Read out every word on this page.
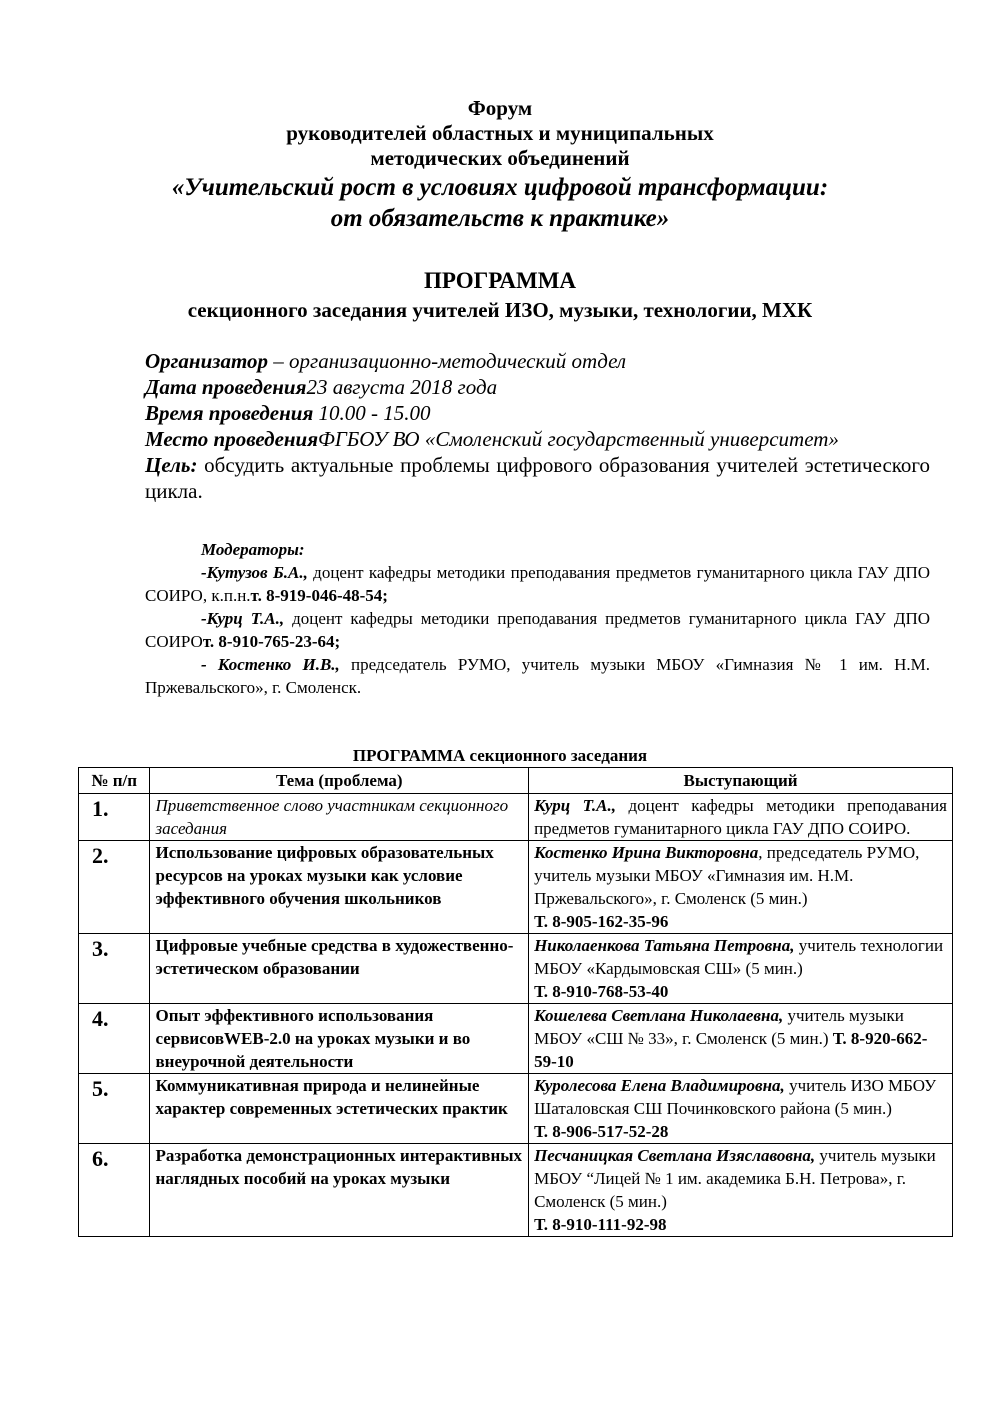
Форум
руководителей областных и муниципальных
методических объединений
«Учительский рост в условиях цифровой трансформации:
от обязательств к практике»
ПРОГРАММА
секционного заседания учителей ИЗО, музыки, технологии, МХК
Организатор – организационно-методический отдел
Дата проведения23 августа 2018 года
Время проведения 10.00 - 15.00
Место проведенияФГБОУ ВО «Смоленский государственный университет»
Цель: обсудить актуальные проблемы цифрового образования учителей эстетического цикла.
Модераторы:

-Кутузов Б.А., доцент кафедры методики преподавания предметов гуманитарного цикла ГАУ ДПО СОИРО, к.п.н.т. 8-919-046-48-54;

-Курц Т.А., доцент кафедры методики преподавания предметов гуманитарного цикла ГАУ ДПО СОИРОт. 8-910-765-23-64;

- Костенко И.В., председатель РУМО, учитель музыки МБОУ «Гимназия № 1 им. Н.М. Пржевальского», г. Смоленск.

ПРОГРАММА секционного заседания
№ п/п	Тема (проблема)	Выступающий
1.	Приветственное слово участникам секционного заседания	Курц Т.А., доцент кафедры методики преподавания предметов гуманитарного цикла ГАУ ДПО СОИРО.
2.	Использование цифровых образовательных ресурсов на уроках музыки как условие эффективного обучения школьников	Костенко Ирина Викторовна, председатель РУМО, учитель музыки МБОУ «Гимназия им. Н.М. Пржевальского», г. Смоленск (5 мин.)
Т. 8-905-162-35-96
3.	Цифровые учебные средства в художественно-эстетическом образовании	Николаенкова Татьяна Петровна, учитель технологии МБОУ «Кардымовская СШ» (5 мин.)
Т. 8-910-768-53-40
4.	Опыт эффективного использования сервисовWEB-2.0 на уроках музыки и во внеурочной деятельности	Кошелева Светлана Николаевна, учитель музыки МБОУ «СШ № 33», г. Смоленск (5 мин.) Т. 8-920-662-59-10
5.	Коммуникативная природа и нелинейные характер современных эстетических практик	Куролесова Елена Владимировна, учитель ИЗО МБОУ Шаталовская СШ Починковского района (5 мин.)
Т. 8-906-517-52-28
6.	Разработка демонстрационных интерактивных наглядных пособий на уроках музыки	Песчаницкая Светлана Изяславовна, учитель музыки МБОУ “Лицей № 1 им. академика Б.Н. Петрова», г. Смоленск (5 мин.)
Т. 8-910-111-92-98
